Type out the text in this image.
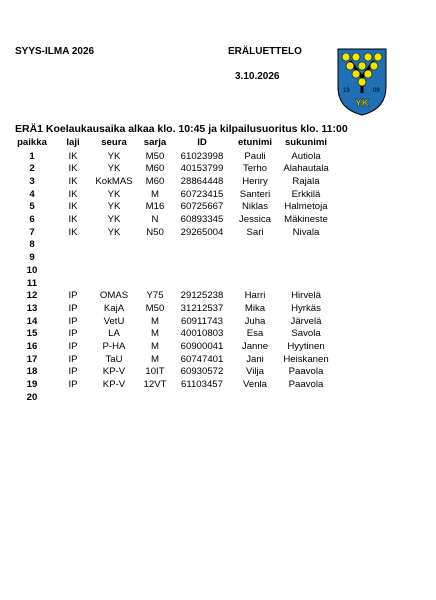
SYYS-ILMA 2026	ERÄLUETTELO
3.10.2026
19	09
YK
ERÄ1 Koelaukausaika alkaa klo. 10:45 ja kilpailusuoritus klo. 11:00
paikka	laji	seura	sarja	ID	etunimi	sukunimi
1	IK	YK	M50	61023998	Pauli	Autiola
2	IK	YK	M60	40153799	Terho	Alahautala
3	IK	KokMAS	M60	28864448	Henry	Rajala
4	IK	YK	M	60723415	Santeri	Erkkilä
5	IK	YK	M16	60725667	Niklas	Halmetoja
6	IK	YK	N	60893345	Jessica	Mäkineste
7	IK	YK	N50	29265004	Sari	Nivala
8
9
10
11
12	IP	OMAS	Y75	29125238	Harri	Hirvelä
13	IP	KajA	M50	31212537	Mika	Hyrkäs
14	IP	VetU	M	60911743	Juha	Järvelä
15	IP	LA	M	40010803	Esa	Savola
16	IP	P-HA	M	60900041	Janne	Hyytinen
17	IP	TaU	M	60747401	Jani	Heiskanen
18	IP	KP-V	10IT	60930572	Vilja	Paavola
19	IP	KP-V	12VT	61103457	Venla	Paavola
20
